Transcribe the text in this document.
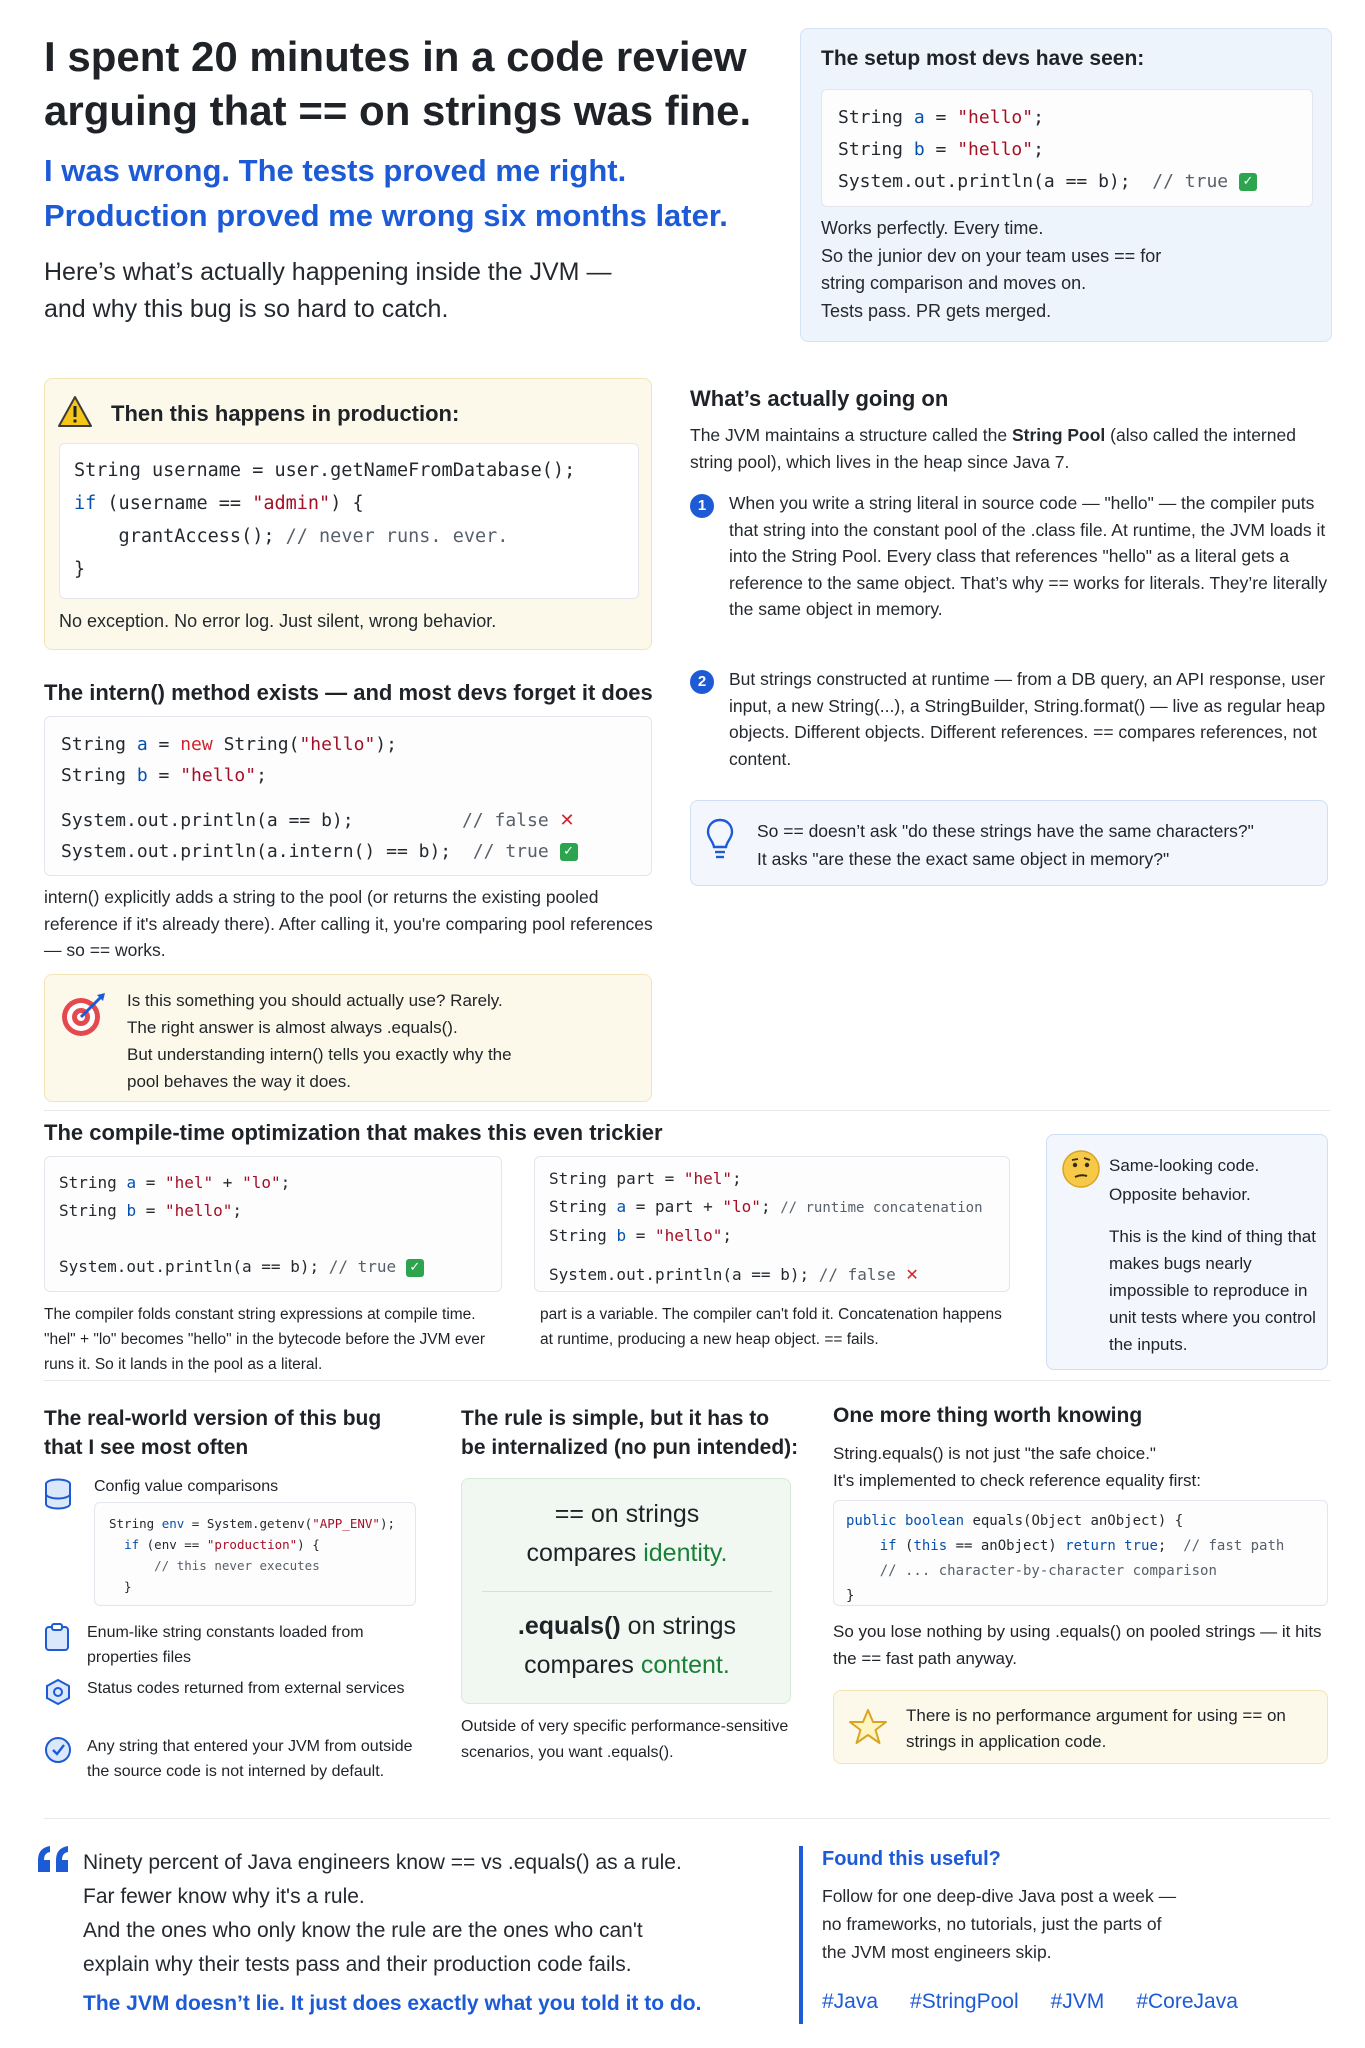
I spent 20 minutes in a code review
arguing that == on strings was fine.
I was wrong. The tests proved me right.
Production proved me wrong six months later.
Here’s what’s actually happening inside the JVM —
and why this bug is so hard to catch.
The setup most devs have seen:
String a = "hello";
String b = "hello";
System.out.println(a == b);  // true ✓
Works perfectly. Every time.
So the junior dev on your team uses == for
string comparison and moves on.
Tests pass. PR gets merged.
Then this happens in production:
String username = user.getNameFromDatabase();
if (username == "admin") {
grantAccess(); // never runs. ever.
}
No exception. No error log. Just silent, wrong behavior.
What’s actually going on
The JVM maintains a structure called the String Pool (also called the interned string pool), which lives in the heap since Java 7.
1	When you write a string literal in source code — "hello" — the compiler puts that string into the constant pool of the .class file. At runtime, the JVM loads it into the String Pool. Every class that references "hello" as a literal gets a reference to the same object. That’s why == works for literals. They’re literally the same object in memory.
2	But strings constructed at runtime — from a DB query, an API response, user input, a new String(...), a StringBuilder, String.format() — live as regular heap objects. Different objects. Different references. == compares references, not content.
So == doesn’t ask "do these strings have the same characters?"
It asks "are these the exact same object in memory?"
The intern() method exists — and most devs forget it does
String a = new String("hello");
String b = "hello";
System.out.println(a == b);          // false ✕
System.out.println(a.intern() == b);  // true ✓
intern() explicitly adds a string to the pool (or returns the existing pooled reference if it's already there). After calling it, you're comparing pool references — so == works.
Is this something you should actually use? Rarely.
The right answer is almost always .equals().
But understanding intern() tells you exactly why the
pool behaves the way it does.
The compile-time optimization that makes this even trickier
String a = "hel" + "lo";
String b = "hello";

System.out.println(a == b); // true ✓
The compiler folds constant string expressions at compile time. "hel" + "lo" becomes "hello" in the bytecode before the JVM ever runs it. So it lands in the pool as a literal.
String part = "hel";
String a = part + "lo"; // runtime concatenation
String b = "hello";
System.out.println(a == b); // false ✕
part is a variable. The compiler can't fold it. Concatenation happens at runtime, producing a new heap object. == fails.
Same-looking code.
Opposite behavior.
This is the kind of thing that makes bugs nearly impossible to reproduce in unit tests where you control the inputs.
The real-world version of this bug
that I see most often
Config value comparisons
String env = System.getenv("APP_ENV");
if (env == "production") {
// this never executes
}
Enum-like string constants loaded from properties files
Status codes returned from external services
Any string that entered your JVM from outside the source code is not interned by default.
The rule is simple, but it has to
be internalized (no pun intended):
== on strings
compares identity.
.equals() on strings
compares content.
Outside of very specific performance-sensitive scenarios, you want .equals().
One more thing worth knowing
String.equals() is not just "the safe choice."
It's implemented to check reference equality first:
public boolean equals(Object anObject) {
if (this == anObject) return true;  // fast path
// ... character-by-character comparison
}
So you lose nothing by using .equals() on pooled strings — it hits the == fast path anyway.
There is no performance argument for using == on strings in application code.
Ninety percent of Java engineers know == vs .equals() as a rule.
Far fewer know why it's a rule.
And the ones who only know the rule are the ones who can't
explain why their tests pass and their production code fails.
The JVM doesn’t lie. It just does exactly what you told it to do.
Found this useful?
Follow for one deep-dive Java post a week —
no frameworks, no tutorials, just the parts of
the JVM most engineers skip.
#Java #StringPool #JVM #CoreJava
